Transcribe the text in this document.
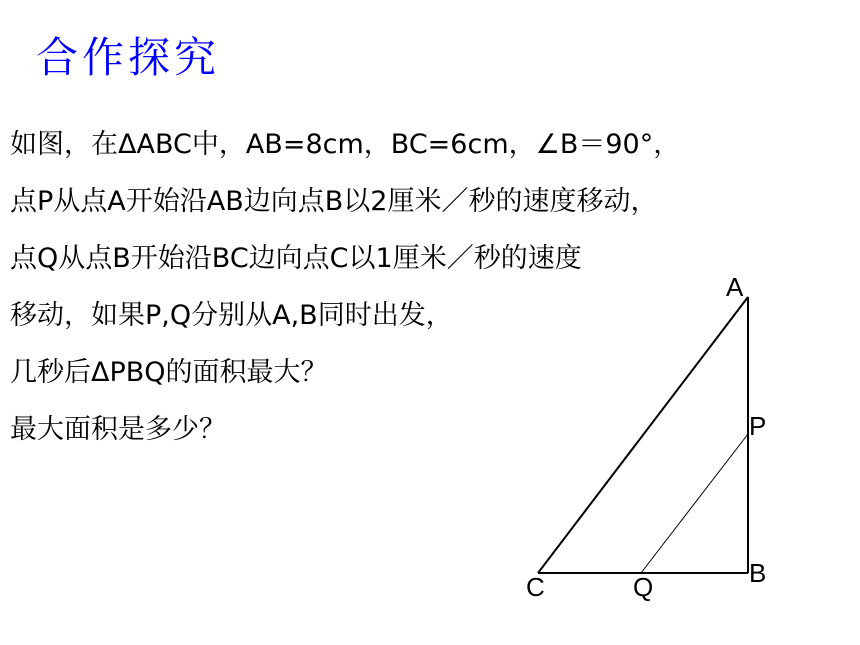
合作探究
如图，在ΔABC中，AB=8cm，BC=6cm，∠B＝90°，
点P从点A开始沿AB边向点B以2厘米／秒的速度移动，
点Q从点B开始沿BC边向点C以1厘米／秒的速度
移动，如果P,Q分别从A,B同时出发，
几秒后ΔPBQ的面积最大？
最大面积是多少？
A
P
B
C	Q
